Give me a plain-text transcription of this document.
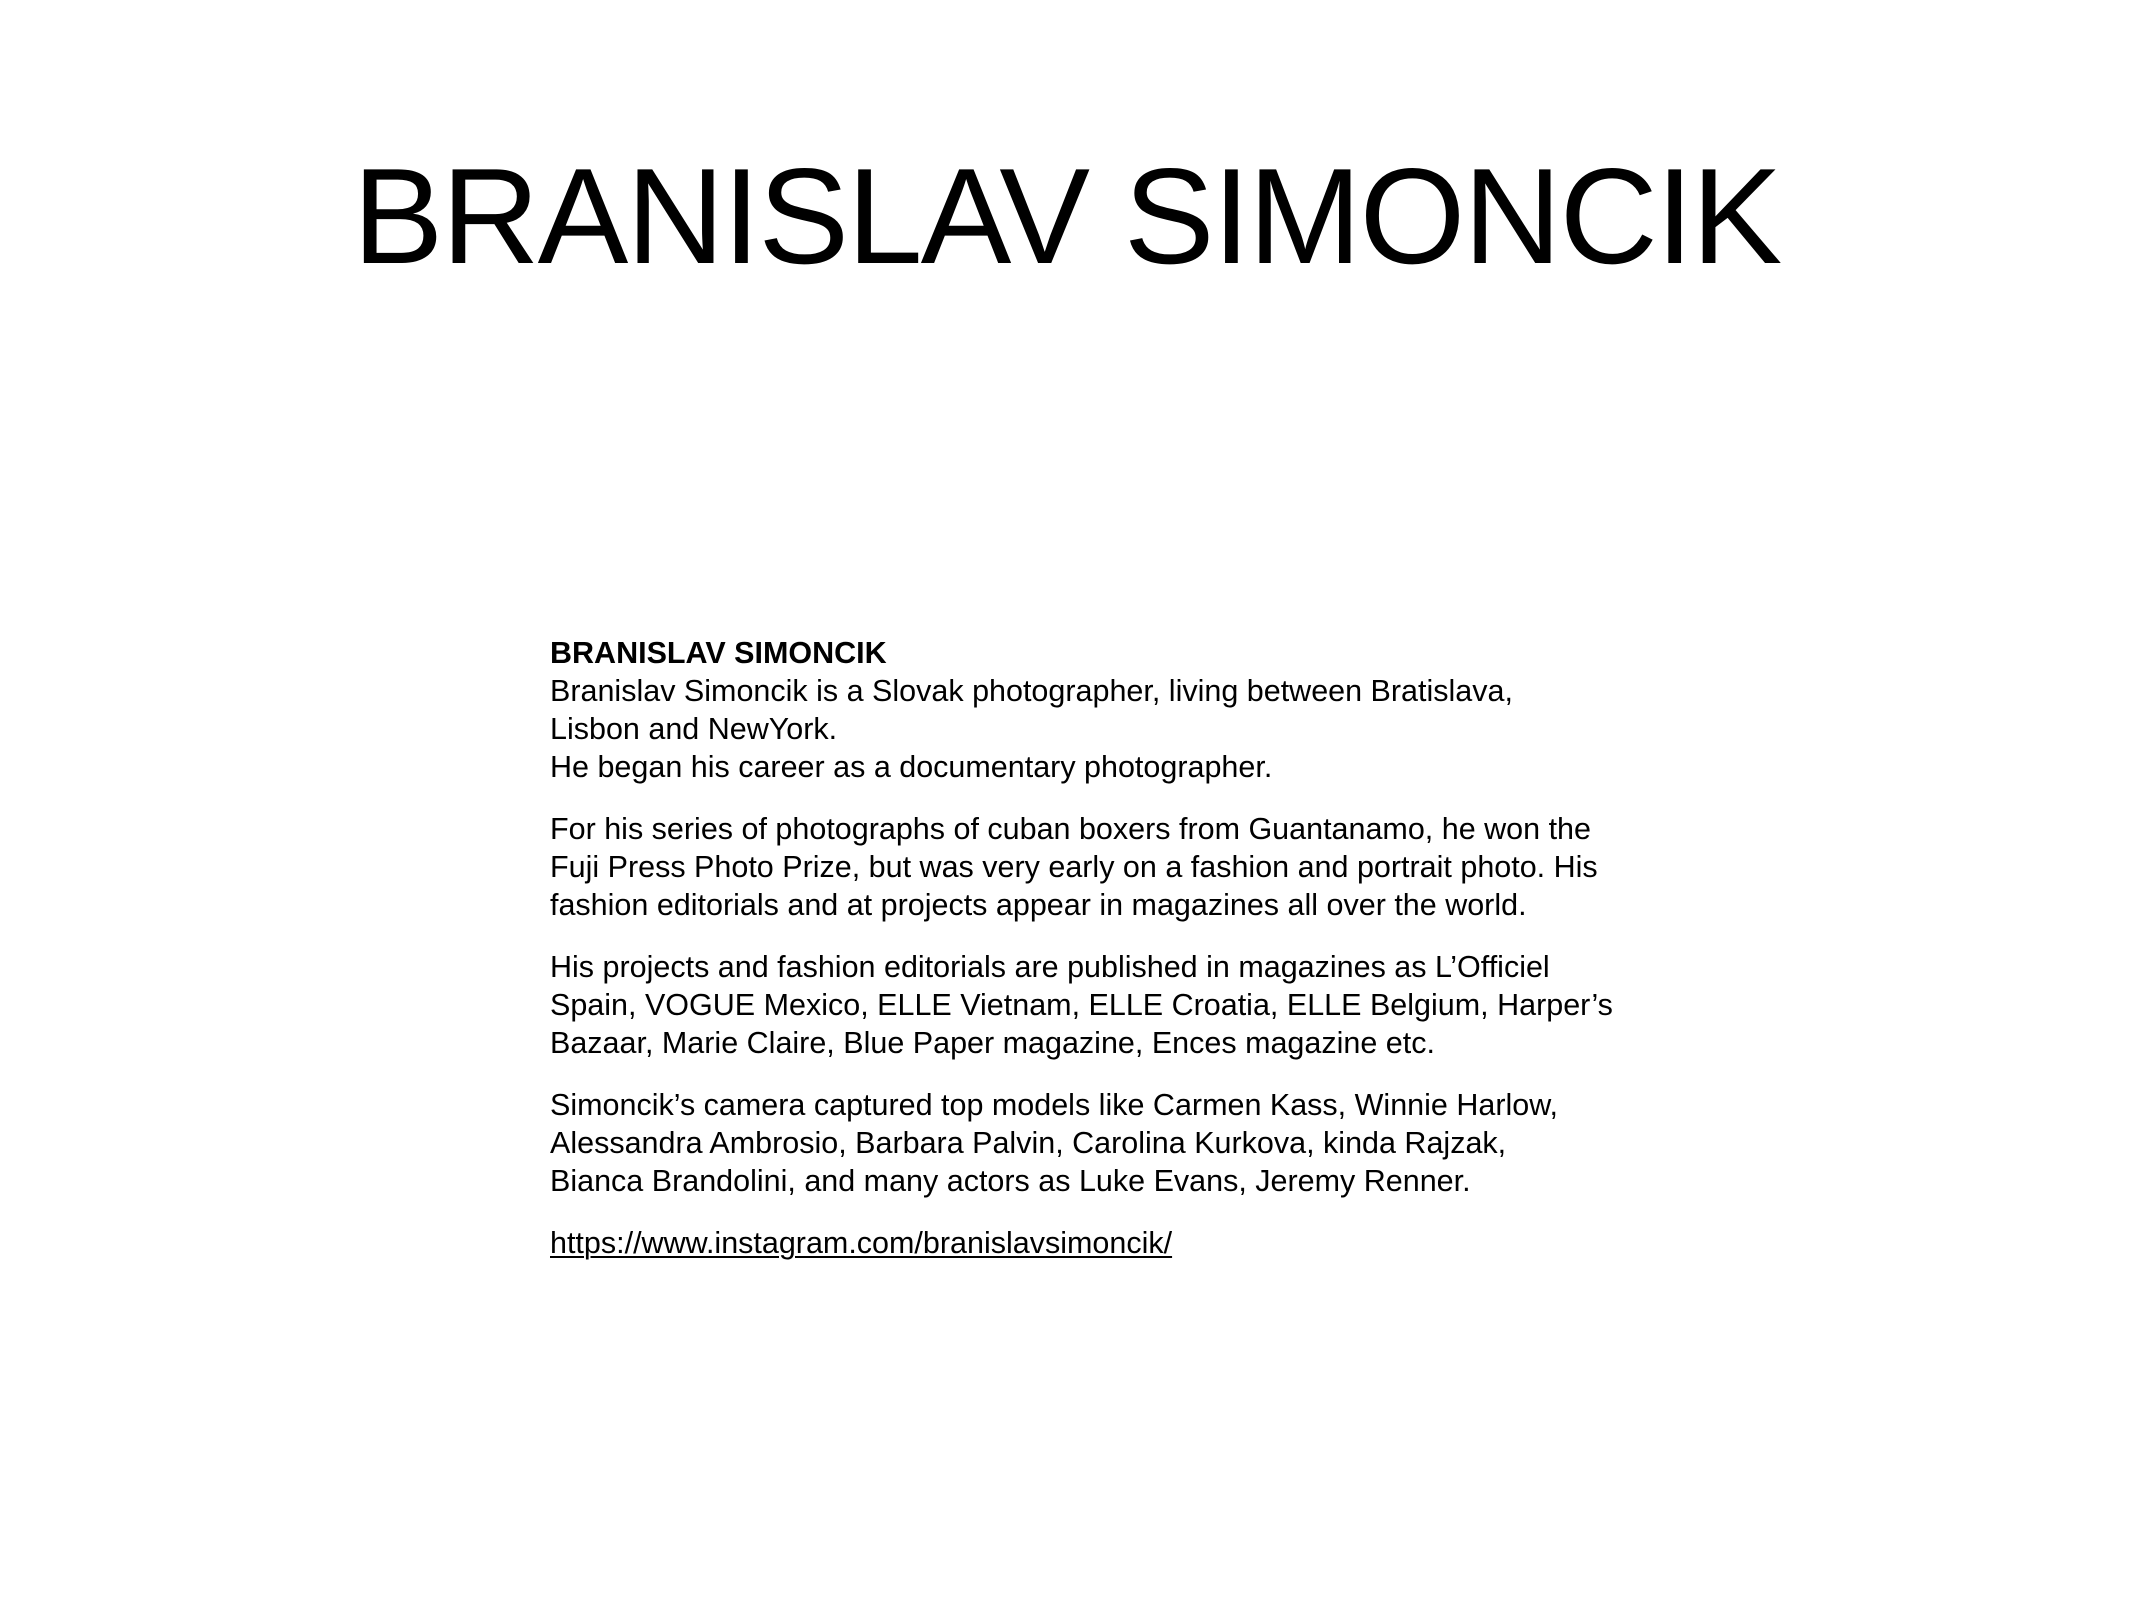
BRANISLAV SIMONCIK
BRANISLAV SIMONCIK

Branislav Simoncik is a Slovak photographer, living between Bratislava,
Lisbon and NewYork.
He began his career as a documentary photographer.

For his series of photographs of cuban boxers from Guantanamo, he won the
Fuji Press Photo Prize, but was very early on a fashion and portrait photo. His
fashion editorials and at projects appear in magazines all over the world.

His projects and fashion editorials are published in magazines as L’Officiel
Spain, VOGUE Mexico, ELLE Vietnam, ELLE Croatia, ELLE Belgium, Harper’s
Bazaar, Marie Claire, Blue Paper magazine, Ences magazine etc.

Simoncik’s camera captured top models like Carmen Kass, Winnie Harlow,
Alessandra Ambrosio, Barbara Palvin, Carolina Kurkova, kinda Rajzak,
Bianca Brandolini, and many actors as Luke Evans, Jeremy Renner.

https://www.instagram.com/branislavsimoncik/
